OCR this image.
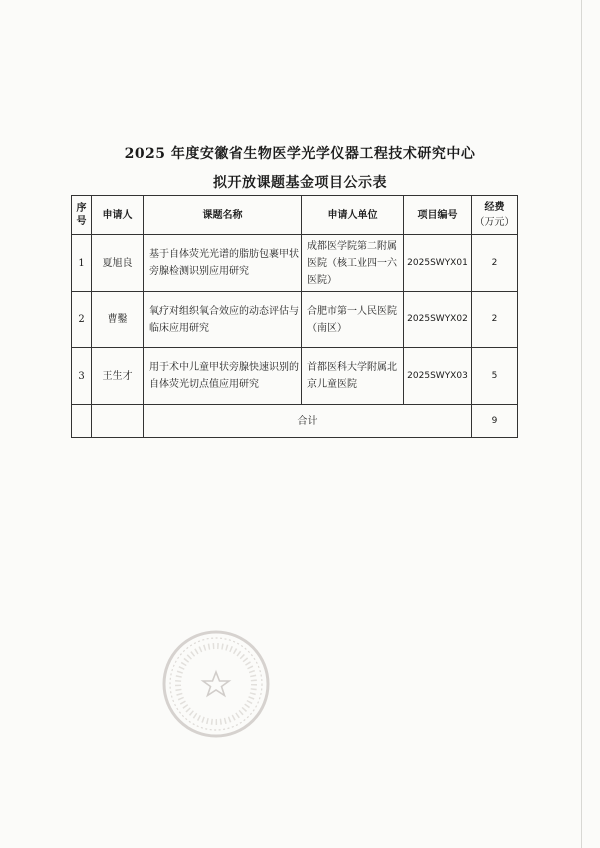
2025 年度安徽省生物医学光学仪器工程技术研究中心
拟开放课题基金项目公示表
序号	申请人	课题名称	申请人单位	项目编号	经费
（万元）

1	夏旭良	基于自体荧光光谱的脂肪包裹甲状旁腺检测识别应用研究	成都医学院第二附属医院（核工业四一六医院）	2025SWYX01	2
2	曹鑿	氧疗对组织氧合效应的动态评估与临床应用研究	合肥市第一人民医院（南区）	2025SWYX02	2
3	王生才	用于术中儿童甲状旁腺快速识别的自体荧光切点值应用研究	首都医科大学附属北京儿童医院	2025SWYX03	5
		合计			9
